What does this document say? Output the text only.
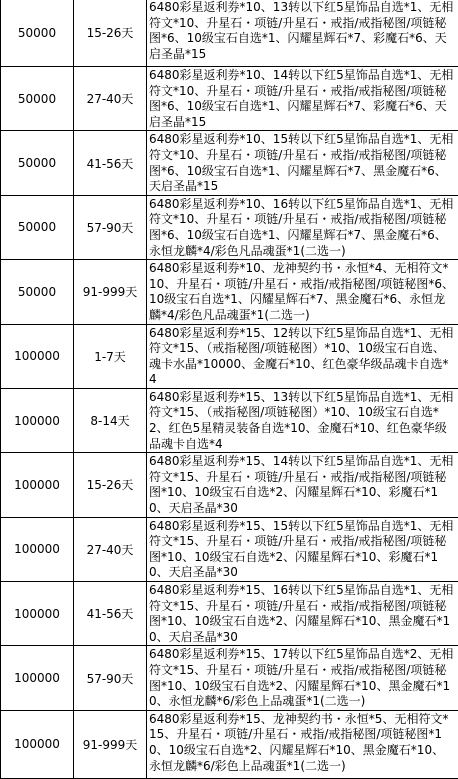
50000	15-26天	6480彩星返利券*10、13转以下红5星饰品自选*1、无相符文*10、升星石・项链/升星石・戒指/戒指秘图/项链秘图*6、10级宝石自选*1、闪耀星辉石*7、彩魔石*6、天启圣晶*15
50000	27-40天	6480彩星返利券*10、14转以下红5星饰品自选*1、无相符文*10、升星石・项链/升星石・戒指/戒指秘图/项链秘图*6、10级宝石自选*1、闪耀星辉石*7、彩魔石*6、天启圣晶*15
50000	41-56天	6480彩星返利券*10、15转以下红5星饰品自选*1、无相符文*10、升星石・项链/升星石・戒指/戒指秘图/项链秘图*6、10级宝石自选*1、闪耀星辉石*7、黑金魔石*6、天启圣晶*15
50000	57-90天	6480彩星返利券*10、16转以下红5星饰品自选*1、无相符文*10、升星石・项链/升星石・戒指/戒指秘图/项链秘图*6、10级宝石自选*1、闪耀星辉石*7、黑金魔石*6、永恒龙麟*4/彩色凡品魂蛋*1(二选一)
50000	91-999天	6480彩星返利券*10、龙神契约书・永恒*4、无相符文*10、升星石・项链/升星石・戒指/戒指秘图/项链秘图*6、10级宝石自选*1、闪耀星辉石*7、黑金魔石*6、永恒龙麟*4/彩色凡品魂蛋*1(二选一)
100000	1-7天	6480彩星返利券*15、12转以下红5星饰品自选*1、无相符文*15、（戒指秘图/项链秘图）*10、10级宝石自选、魂卡水晶*10000、金魔石*10、红色豪华级品魂卡自选*4
100000	8-14天	6480彩星返利券*15、13转以下红5星饰品自选*1、无相符文*15、（戒指秘图/项链秘图）*10、10级宝石自选*2、红色5星精灵装备自选*10、金魔石*10、红色豪华级品魂卡自选*4
100000	15-26天	6480彩星返利券*15、14转以下红5星饰品自选*1、无相符文*15、升星石・项链/升星石・戒指/戒指秘图/项链秘图*10、10级宝石自选*2、闪耀星辉石*10、彩魔石*10、天启圣晶*30
100000	27-40天	6480彩星返利券*15、15转以下红5星饰品自选*1、无相符文*15、升星石・项链/升星石・戒指/戒指秘图/项链秘图*10、10级宝石自选*2、闪耀星辉石*10、彩魔石*10、天启圣晶*30
100000	41-56天	6480彩星返利券*15、16转以下红5星饰品自选*1、无相符文*15、升星石・项链/升星石・戒指/戒指秘图/项链秘图*10、10级宝石自选*2、闪耀星辉石*10、黑金魔石*10、天启圣晶*30
100000	57-90天	6480彩星返利券*15、17转以下红5星饰品自选*2、无相符文*15、升星石・项链/升星石・戒指/戒指秘图/项链秘图*10、10级宝石自选*2、闪耀星辉石*10、黑金魔石*10、永恒龙麟*6/彩色上品魂蛋*1(二选一)
100000	91-999天	6480彩星返利券*15、龙神契约书・永恒*5、无相符文*15、升星石・项链/升星石・戒指/戒指秘图/项链秘图*10、10级宝石自选*2、闪耀星辉石*10、黑金魔石*10、永恒龙麟*6/彩色上品魂蛋*1(二选一)
